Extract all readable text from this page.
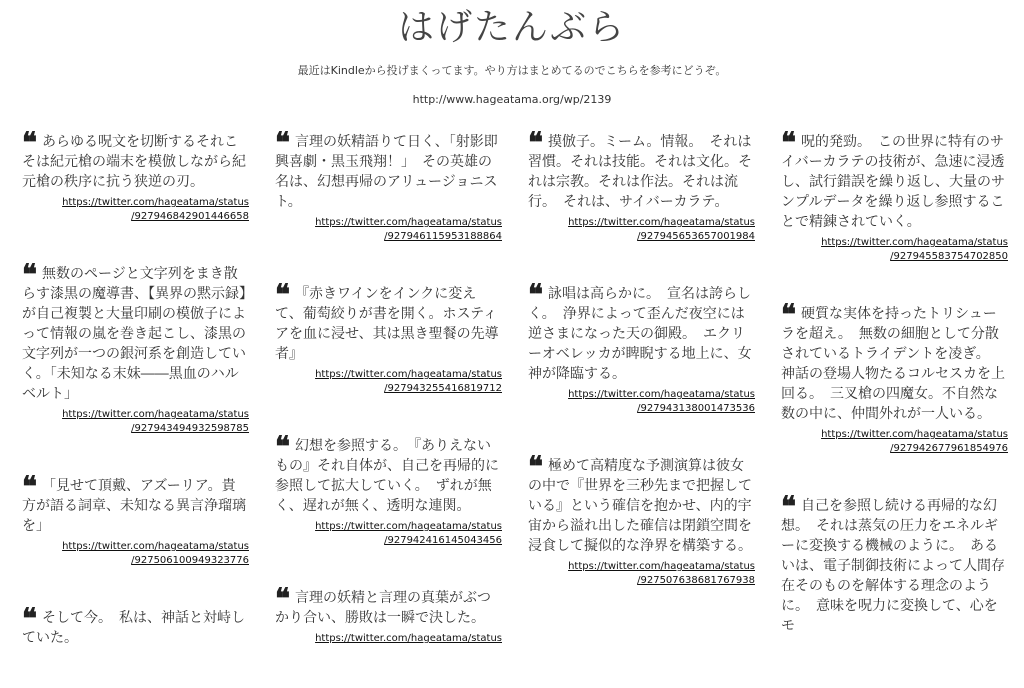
はげたんぶら
最近はKindleから投げまくってます。やり方はまとめてるのでこちらを参考にどうぞ。
http://www.hageatama.org/wp/2139

❝ あらゆる呪文を切断するそれこそは紀元槍の端末を模倣しながら紀元槍の秩序に抗う狭逆の刃。

https://twitter.com/hageatama/status
/927946842901446658

❝ 無数のページと文字列をまき散らす漆黒の魔導書、【異界の黙示録】が自己複製と大量印刷の模倣子によって情報の嵐を巻き起こし、漆黒の文字列が一つの銀河系を創造していく。「未知なる末妹――黒血のハルベルト」

https://twitter.com/hageatama/status
/927943494932598785

❝ 「見せて頂戴、アズーリア。貴方が語る詞章、未知なる異言浄瑠璃を」

https://twitter.com/hageatama/status
/927506100949323776

❝ そして今。　私は、神話と対峙していた。

❝ 言理の妖精語りて日く、「射影即興喜劇・黒玉飛翔！」　その英雄の名は、幻想再帰のアリュージョニスト。

https://twitter.com/hageatama/status
/927946115953188864

❝ 『赤きワインをインクに変えて、葡萄絞りが書を開く。ホスティアを血に浸せ、其は黒き聖餐の先導者』

https://twitter.com/hageatama/status
/927943255416819712

❝ 幻想を参照する。　『ありえないもの』それ自体が、自己を再帰的に参照して拡大していく。　ずれが無く、遅れが無く、透明な連関。

https://twitter.com/hageatama/status
/927942416145043456

❝ 言理の妖精と言理の真葉がぶつかり合い、勝敗は一瞬で決した。

https://twitter.com/hageatama/status

❝ 摸倣子。ミーム。情報。　それは習慣。それは技能。それは文化。それは宗教。それは作法。それは流行。　それは、サイバーカラテ。

https://twitter.com/hageatama/status
/927945653657001984

❝ 詠唱は高らかに。　宣名は誇らしく。　浄界によって歪んだ夜空には逆さまになった天の御殿。　エクリーオベレッカが睥睨する地上に、女神が降臨する。

https://twitter.com/hageatama/status
/927943138001473536

❝ 極めて高精度な予測演算は彼女の中で『世界を三秒先まで把握している』という確信を抱かせ、内的宇宙から溢れ出した確信は閉鎖空間を浸食して擬似的な浄界を構築する。

https://twitter.com/hageatama/status
/927507638681767938

❝ 呪的発勁。　この世界に特有のサイバーカラテの技術が、急速に浸透し、試行錯誤を繰り返し、大量のサンプルデータを繰り返し参照することで精錬されていく。

https://twitter.com/hageatama/status
/927945583754702850

❝ 硬質な実体を持ったトリシューラを超え。　無数の細胞として分散されているトライデントを凌ぎ。　神話の登場人物たるコルセスカを上回る。　三叉槍の四魔女。不自然な数の中に、仲間外れが一人いる。

https://twitter.com/hageatama/status
/927942677961854976

❝ 自己を参照し続ける再帰的な幻想。　それは蒸気の圧力をエネルギーに変換する機械のように。　あるいは、電子制御技術によって人間存在そのものを解体する理念のように。　意味を呪力に変換して、心をモ
